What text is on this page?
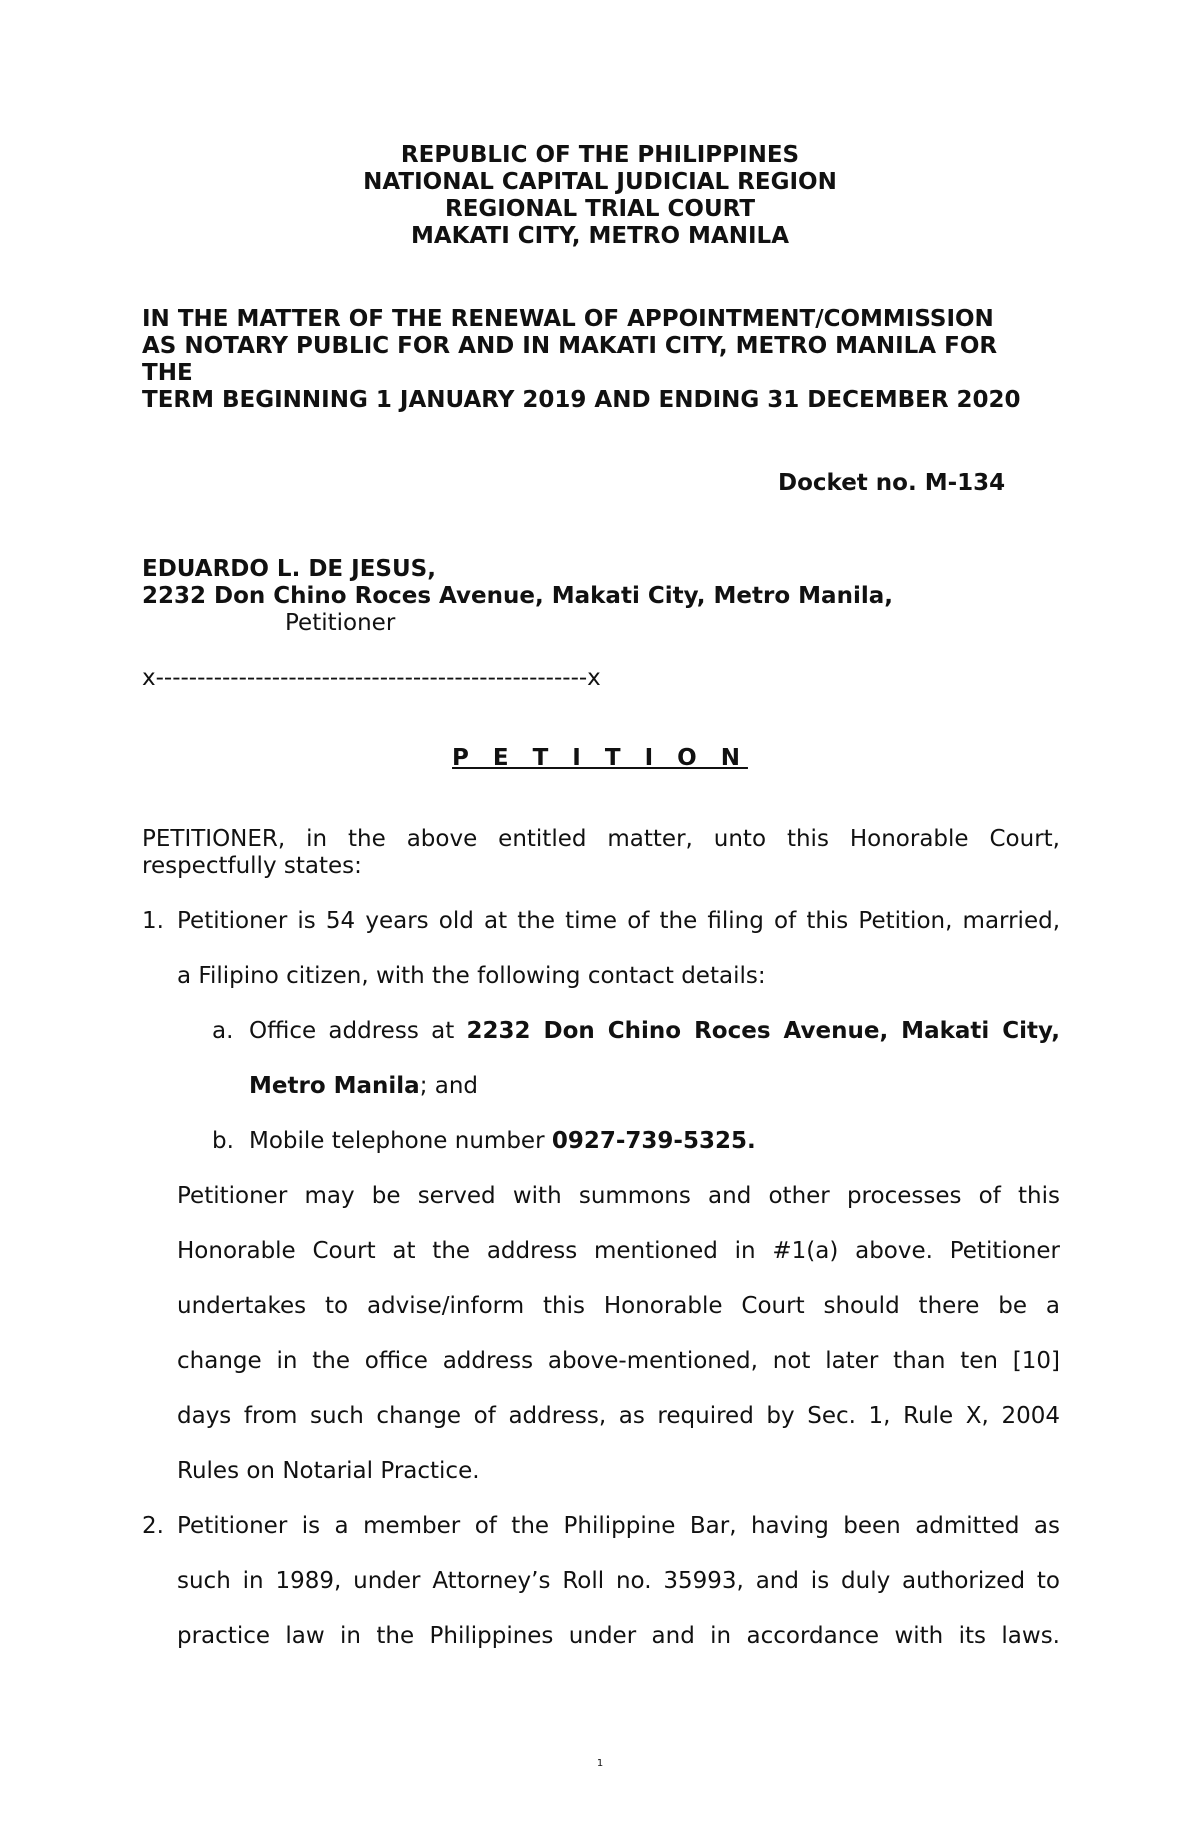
REPUBLIC OF THE PHILIPPINES
NATIONAL CAPITAL JUDICIAL REGION
REGIONAL TRIAL COURT
MAKATI CITY, METRO MANILA
IN THE MATTER OF THE RENEWAL OF APPOINTMENT/COMMISSION
AS NOTARY PUBLIC FOR AND IN MAKATI CITY, METRO MANILA FOR
THE
TERM BEGINNING 1 JANUARY 2019 AND ENDING 31 DECEMBER 2020
Docket no. M-134
EDUARDO L. DE JESUS,
2232 Don Chino Roces Avenue, Makati City, Metro Manila,
Petitioner
x----------------------------------------------------x
P E T I T I O N
PETITIONER, in the above entitled matter, unto this Honorable Court,
respectfully states:
1. Petitioner is 54 years old at the time of the filing of this Petition, married,
a Filipino citizen, with the following contact details:
a. Office address at 2232 Don Chino Roces Avenue, Makati City,
Metro Manila; and
b. Mobile telephone number 0927-739-5325.
Petitioner may be served with summons and other processes of this
Honorable Court at the address mentioned in #1(a) above. Petitioner
undertakes to advise/inform this Honorable Court should there be a
change in the office address above-mentioned, not later than ten [10]
days from such change of address, as required by Sec. 1, Rule X, 2004
Rules on Notarial Practice.
2. Petitioner is a member of the Philippine Bar, having been admitted as
such in 1989, under Attorney’s Roll no. 35993, and is duly authorized to
practice law in the Philippines under and in accordance with its laws.
1
